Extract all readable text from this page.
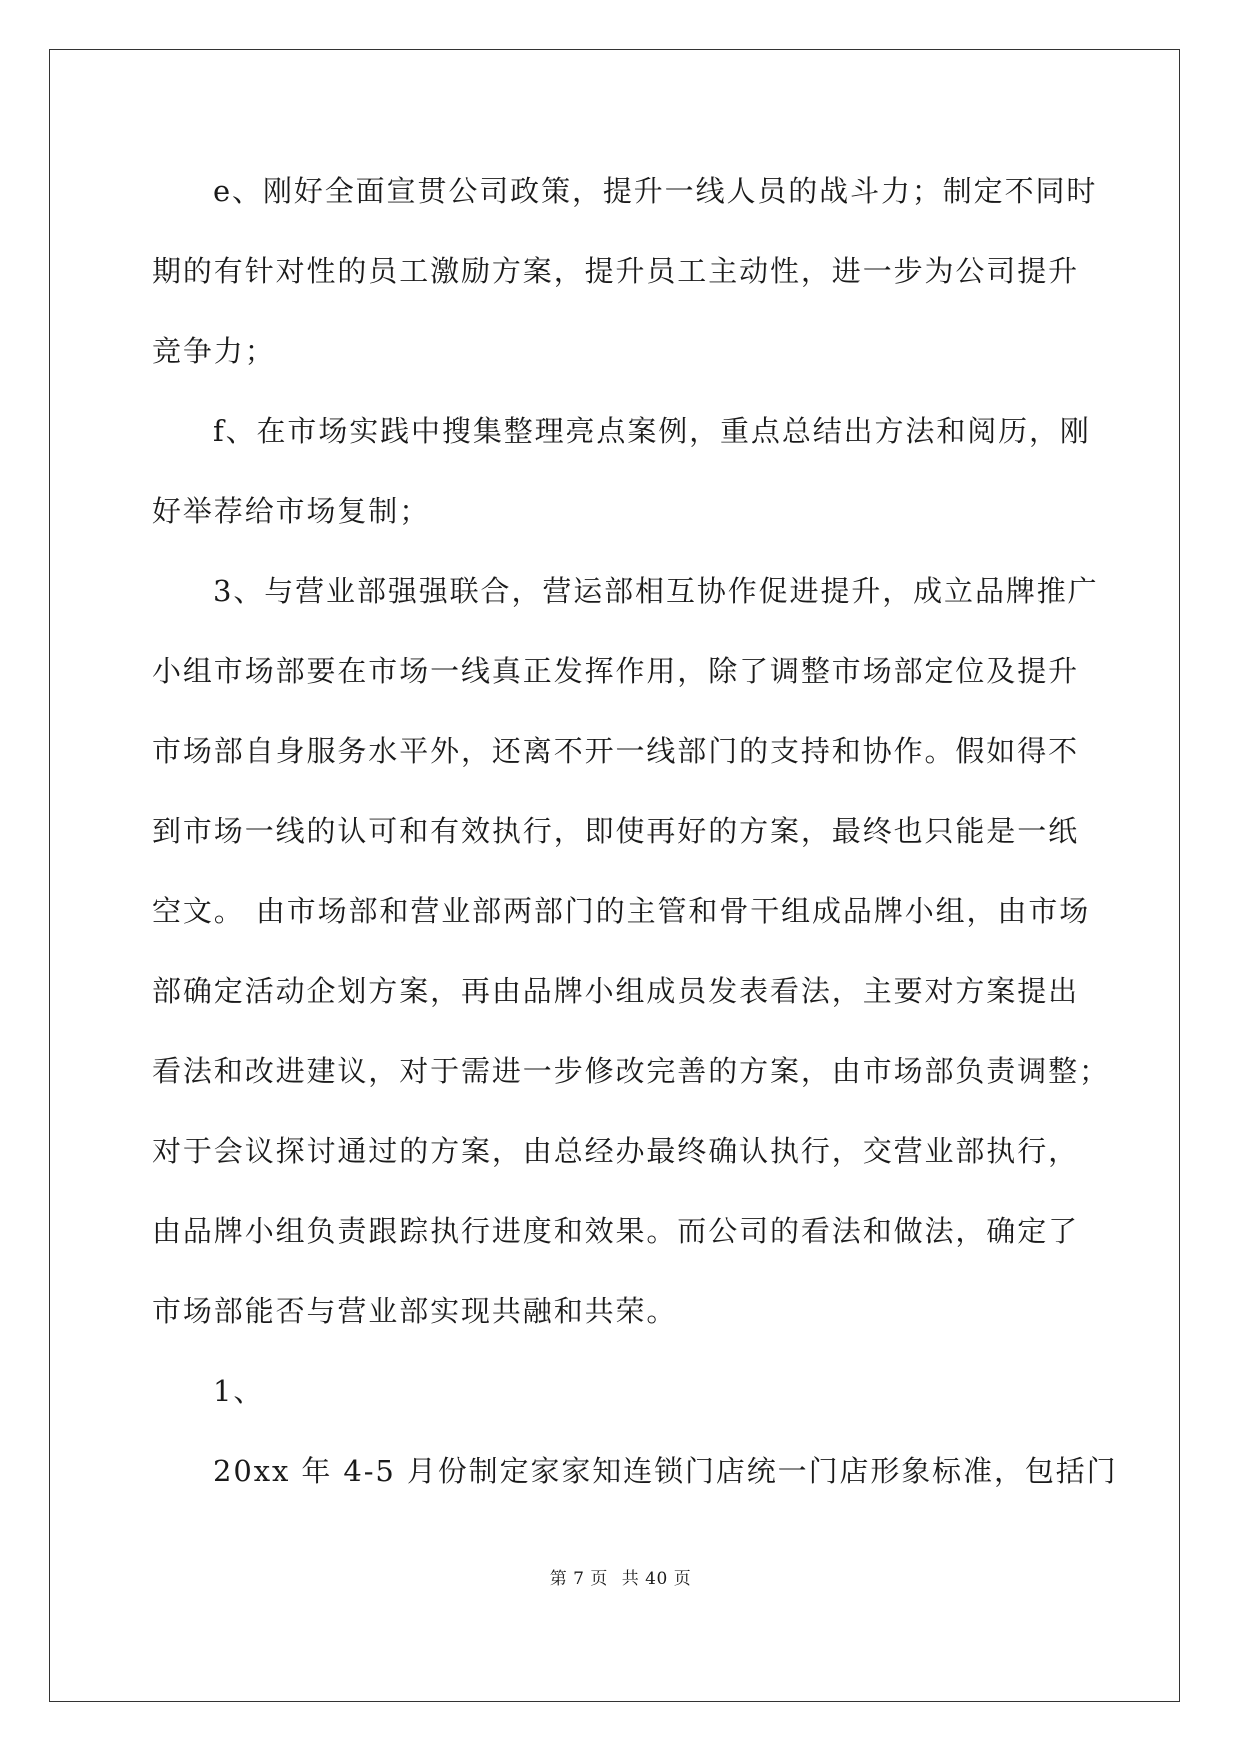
e、刚好全面宣贯公司政策，提升一线人员的战斗力；制定不同时
期的有针对性的员工激励方案，提升员工主动性，进一步为公司提升
竞争力；
f、在市场实践中搜集整理亮点案例，重点总结出方法和阅历，刚
好举荐给市场复制；
3、与营业部强强联合，营运部相互协作促进提升，成立品牌推广
小组市场部要在市场一线真正发挥作用，除了调整市场部定位及提升
市场部自身服务水平外，还离不开一线部门的支持和协作。假如得不
到市场一线的认可和有效执行，即使再好的方案，最终也只能是一纸
空文。 由市场部和营业部两部门的主管和骨干组成品牌小组，由市场
部确定活动企划方案，再由品牌小组成员发表看法，主要对方案提出
看法和改进建议，对于需进一步修改完善的方案，由市场部负责调整；
对于会议探讨通过的方案，由总经办最终确认执行，交营业部执行，
由品牌小组负责跟踪执行进度和效果。而公司的看法和做法，确定了
市场部能否与营业部实现共融和共荣。
1、
20xx 年 4-5 月份制定家家知连锁门店统一门店形象标准，包括门
第 7 页 共 40 页
